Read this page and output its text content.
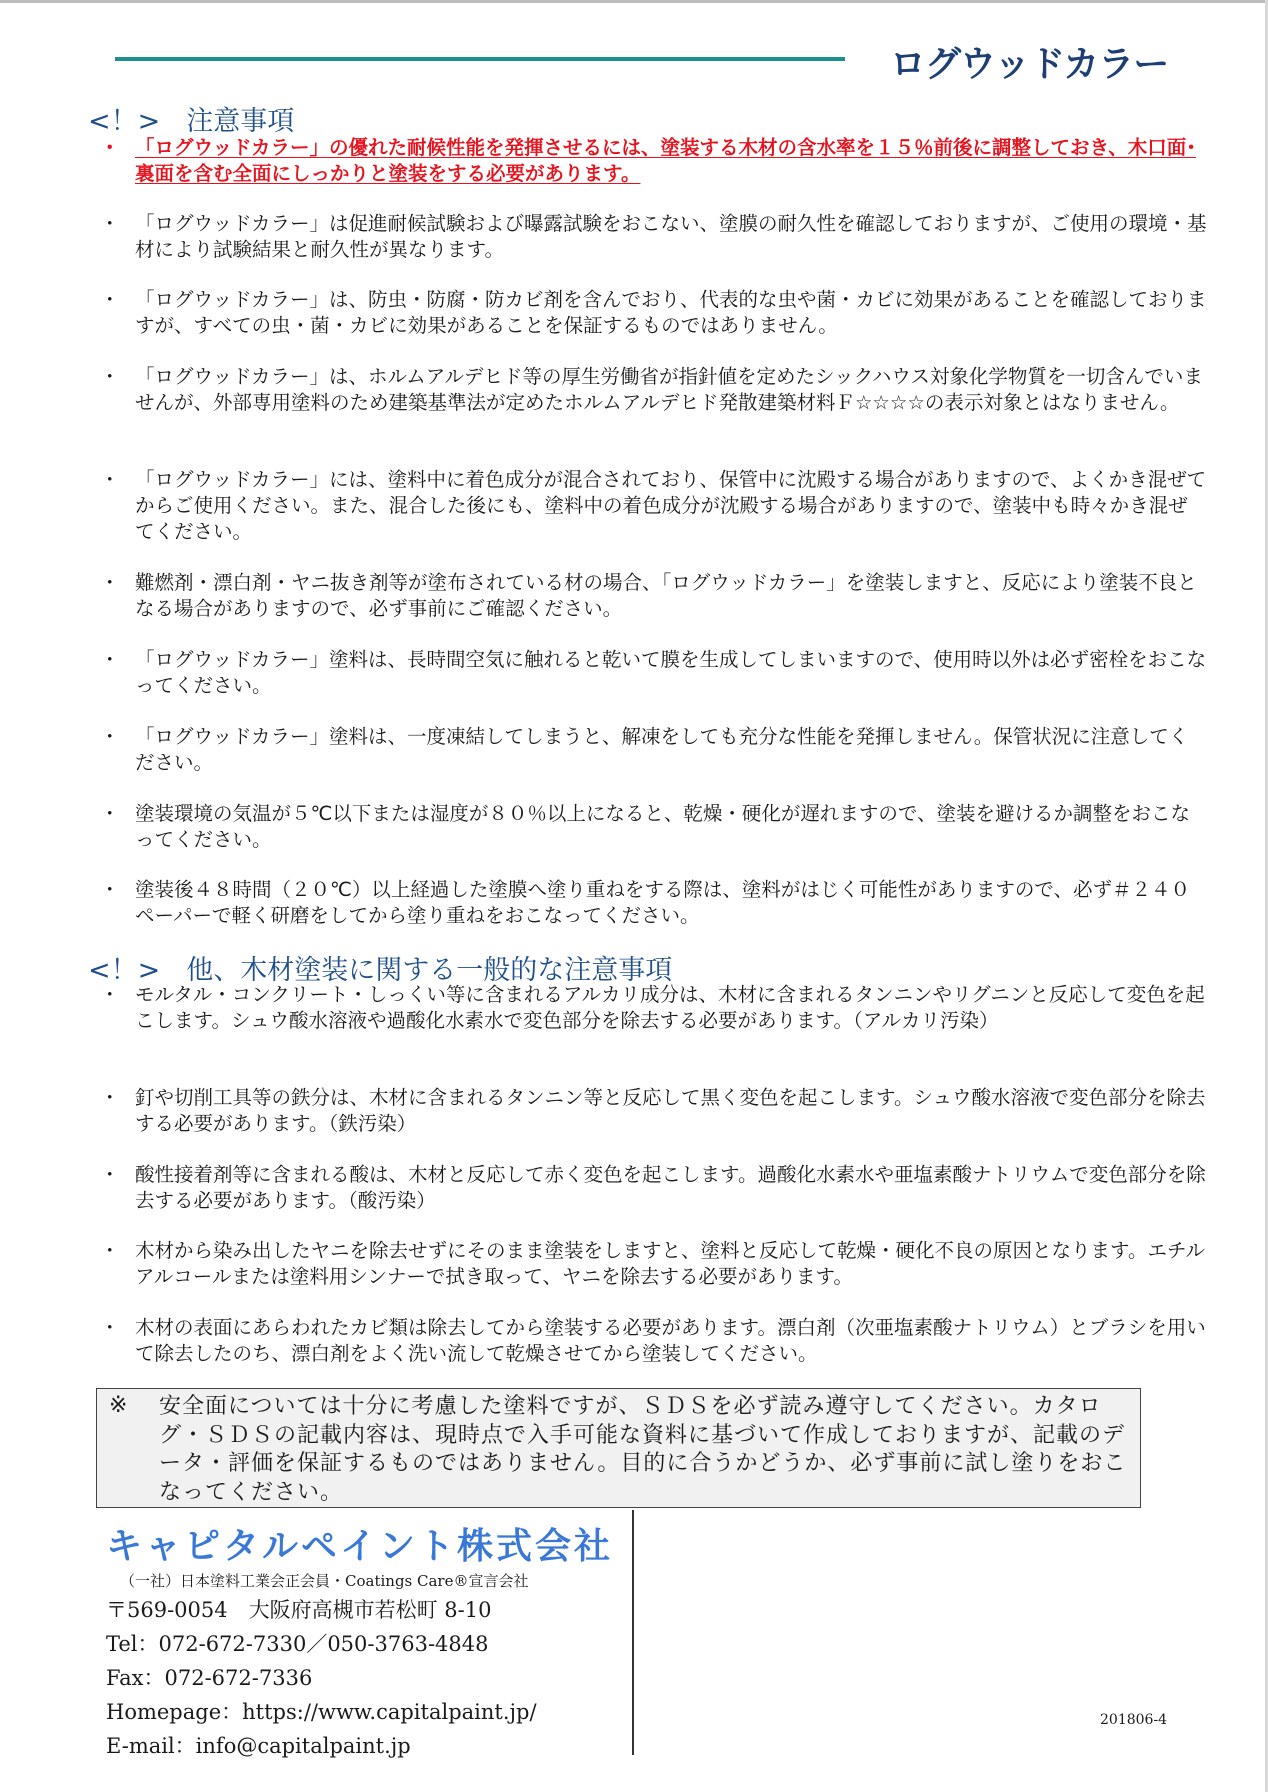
ログウッドカラー
<！> 注意事項
・ 「ログウッドカラー」の優れた耐候性能を発揮させるには、塗装する木材の含水率を１５％前後に調整しておき、木口面･裏面を含む全面にしっかりと塗装をする必要があります。
・ 「ログウッドカラー」は促進耐候試験および曝露試験をおこない、塗膜の耐久性を確認しておりますが、ご使用の環境・基材により試験結果と耐久性が異なります。
・ 「ログウッドカラー」は、防虫・防腐・防カビ剤を含んでおり、代表的な虫や菌・カビに効果があることを確認しておりますが、すべての虫・菌・カビに効果があることを保証するものではありません。
・ 「ログウッドカラー」は、ホルムアルデヒド等の厚生労働省が指針値を定めたシックハウス対象化学物質を一切含んでいませんが、外部専用塗料のため建築基準法が定めたホルムアルデヒド発散建築材料Ｆ☆☆☆☆の表示対象とはなりません。
・ 「ログウッドカラー」には、塗料中に着色成分が混合されており、保管中に沈殿する場合がありますので、よくかき混ぜてからご使用ください。また、混合した後にも、塗料中の着色成分が沈殿する場合がありますので、塗装中も時々かき混ぜてください。
・ 難燃剤・漂白剤・ヤニ抜き剤等が塗布されている材の場合、「ログウッドカラー」を塗装しますと、反応により塗装不良となる場合がありますので、必ず事前にご確認ください。
・ 「ログウッドカラー」塗料は、長時間空気に触れると乾いて膜を生成してしまいますので、使用時以外は必ず密栓をおこなってください。
・ 「ログウッドカラー」塗料は、一度凍結してしまうと、解凍をしても充分な性能を発揮しません。保管状況に注意してください。
・ 塗装環境の気温が５℃以下または湿度が８０％以上になると、乾燥・硬化が遅れますので、塗装を避けるか調整をおこなってください。
・ 塗装後４８時間（２０℃）以上経過した塗膜へ塗り重ねをする際は、塗料がはじく可能性がありますので、必ず＃２４０ペーパーで軽く研磨をしてから塗り重ねをおこなってください。
<！> 他、木材塗装に関する一般的な注意事項
・ モルタル・コンクリート・しっくい等に含まれるアルカリ成分は、木材に含まれるタンニンやリグニンと反応して変色を起こします。シュウ酸水溶液や過酸化水素水で変色部分を除去する必要があります。（アルカリ汚染）
・ 釘や切削工具等の鉄分は、木材に含まれるタンニン等と反応して黒く変色を起こします。シュウ酸水溶液で変色部分を除去する必要があります。（鉄汚染）
・ 酸性接着剤等に含まれる酸は、木材と反応して赤く変色を起こします。過酸化水素水や亜塩素酸ナトリウムで変色部分を除去する必要があります。（酸汚染）
・ 木材から染み出したヤニを除去せずにそのまま塗装をしますと、塗料と反応して乾燥・硬化不良の原因となります。エチルアルコールまたは塗料用シンナーで拭き取って、ヤニを除去する必要があります。
・ 木材の表面にあらわれたカビ類は除去してから塗装する必要があります。漂白剤（次亜塩素酸ナトリウム）とブラシを用いて除去したのち、漂白剤をよく洗い流して乾燥させてから塗装してください。
※ 安全面については十分に考慮した塗料ですが、ＳＤＳを必ず読み遵守してください。カタログ・ＳＤＳの記載内容は、現時点で入手可能な資料に基づいて作成しておりますが、記載のデータ・評価を保証するものではありません。目的に合うかどうか、必ず事前に試し塗りをおこなってください。
キャピタルペイント株式会社
（一社）日本塗料工業会正会員・Coatings Care®宣言会社
〒569-0054　大阪府高槻市若松町 8-10
Tel：072-672-7330／050-3763-4848
Fax：072-672-7336
Homepage：https://www.capitalpaint.jp/
E-mail：info@capitalpaint.jp
201806-4
